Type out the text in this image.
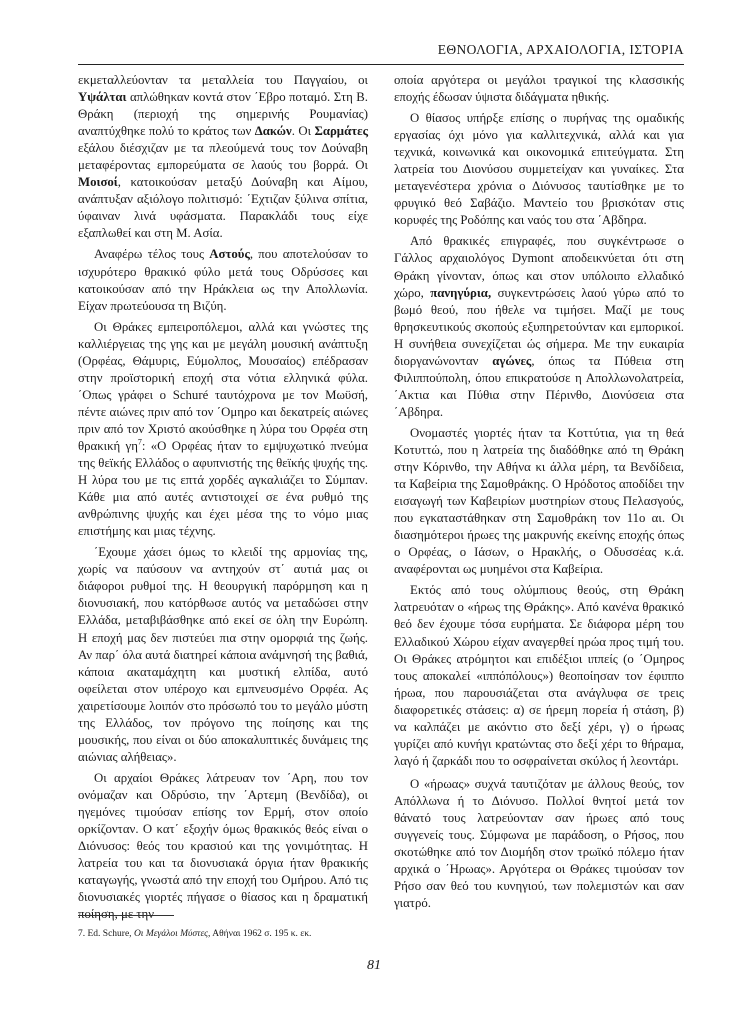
ΕΘΝΟΛΟΓΙΑ, ΑΡΧΑΙΟΛΟΓΙΑ, ΙΣΤΟΡΙΑ

εκμεταλλεύονταν τα μεταλλεία του Παγγαίου, οι Υψάλται απλώθηκαν κοντά στον ΄Εβρο ποταμό. Στη Β. Θράκη (περιοχή της σημερινής Ρουμανίας) αναπτύχθηκε πολύ το κράτος των Δακών. Οι Σαρμάτες εξάλου διέσχιζαν με τα πλεούμενά τους τον Δούναβη μεταφέροντας εμπορεύματα σε λαούς του βορρά. Οι Μοισοί, κατοικούσαν μεταξύ Δούναβη και Αίμου, ανάπτυξαν αξιόλογο πολιτισμό: ΄Εχτιζαν ξύλινα σπίτια, ύφαιναν λινά υφάσματα. Παρακλάδι τους είχε εξαπλωθεί και στη Μ. Ασία.

Αναφέρω τέλος τους Αστούς, που αποτελούσαν το ισχυρότερο θρακικό φύλο μετά τους Οδρύσσες και κατοικούσαν από την Ηράκλεια ως την Απολλωνία. Είχαν πρωτεύουσα τη Βιζύη.

Οι Θράκες εμπειροπόλεμοι, αλλά και γνώστες της καλλιέργειας της γης και με μεγάλη μουσική ανάπτυξη (Ορφέας, Θάμυρις, Εύμολπος, Μουσαίος) επέδρασαν στην προϊστορική εποχή στα νότια ελληνικά φύλα. ΄Οπως γράφει ο Schuré ταυτόχρονα με τον Μωϋσή, πέντε αιώνες πριν από τον ΄Ομηρο και δεκατρείς αιώνες πριν από τον Χριστό ακούσθηκε η λύρα του Ορφέα στη θρακική $\gamma\eta^7$: «Ο Ορφέας ήταν το εμψυχωτικό πνεύμα της θεϊκής Ελλάδος ο αφυπνιστής της θεϊκής ψυχής της. Η λύρα του με τις επτά χορδές αγκαλιάζει το Σύμπαν. Κάθε μια από αυτές αντιστοιχεί σε ένα ρυθμό της ανθρώπινης ψυχής και έχει μέσα της το νόμο μιας επιστήμης και μιας τέχνης.

΄Εχουμε χάσει όμως το κλειδί της αρμονίας της, χωρίς να παύσουν να αντηχούν στ΄ αυτιά μας οι διάφοροι ρυθμοί της. Η θεουργική παρόρμηση και η διονυσιακή, που κατόρθωσε αυτός να μεταδώσει στην Ελλάδα, μεταβιβάσθηκε από εκεί σε όλη την Ευρώπη. Η εποχή μας δεν πιστεύει πια στην ομορφιά της ζωής. Αν παρ΄ όλα αυτά διατηρεί κάποια ανάμνησή της βαθιά, κάποια ακαταμάχητη και μυστική ελπίδα, αυτό οφείλεται στον υπέροχο και εμπνευσμένο Ορφέα. Ας χαιρετίσουμε λοιπόν στο πρόσωπό του το μεγάλο μύστη της Ελλάδος, τον πρόγονο της ποίησης και της μουσικής, που είναι οι δύο αποκαλυπτικές δυνάμεις της αιώνιας αλήθειας».

Οι αρχαίοι Θράκες λάτρευαν τον ΄Αρη, που τον ονόμαζαν και Οδρύσιο, την ΄Αρτεμη (Βενδίδα), οι ηγεμόνες τιμούσαν επίσης τον Ερμή, στον οποίο ορκίζονταν. Ο κατ΄ εξοχήν όμως θρακικός θεός είναι ο Διόνυσος: θεός του κρασιού και της γονιμότητας. Η λατρεία του και τα διονυσιακά όργια ήταν θρακικής καταγωγής, γνωστά από την εποχή του Ομήρου. Από τις διονυσιακές γιορτές πήγασε ο θίασος και η δραματική ποίηση, με την

οποία αργότερα οι μεγάλοι τραγικοί της κλασσικής εποχής έδωσαν ύψιστα διδάγματα ηθικής.

Ο θίασος υπήρξε επίσης ο πυρήνας της ομαδικής εργασίας όχι μόνο για καλλιτεχνικά, αλλά και για τεχνικά, κοινωνικά και οικονομικά επιτεύγματα. Στη λατρεία του Διονύσου συμμετείχαν και γυναίκες. Στα μεταγενέστερα χρόνια ο Διόνυσος ταυτίσθηκε με το φρυγικό θεό Σαβάζιο. Μαντείο του βρισκόταν στις κορυφές της Ροδόπης και ναός του στα ΄Αβδηρα.

Από θρακικές επιγραφές, που συγκέντρωσε ο Γάλλος αρχαιολόγος Dymont αποδεικνύεται ότι στη Θράκη γίνονταν, όπως και στον υπόλοιπο ελλαδικό χώρο, πανηγύρια, συγκεντρώσεις λαού γύρω από το βωμό θεού, που ήθελε να τιμήσει. Μαζί με τους θρησκευτικούς σκοπούς εξυπηρετούνταν και εμπορικοί. Η συνήθεια συνεχίζεται ώς σήμερα. Με την ευκαιρία διοργανώνονταν αγώνες, όπως τα Πύθεια στη Φιλιππούπολη, όπου επικρατούσε η Απολλωνολατρεία, ΄Ακτια και Πύθια στην Πέρινθο, Διονύσεια στα ΄Αβδηρα.

Ονομαστές γιορτές ήταν τα Κοττύτια, για τη θεά Κοτυττώ, που η λατρεία της διαδόθηκε από τη Θράκη στην Κόρινθο, την Αθήνα κι άλλα μέρη, τα Βενδίδεια, τα Καβείρια της Σαμοθράκης. Ο Ηρόδοτος αποδίδει την εισαγωγή των Καβειρίων μυστηρίων στους Πελασγούς, που εγκαταστάθηκαν στη Σαμοθράκη τον 11ο αι. Οι διασημότεροι ήρωες της μακρυνής εκείνης εποχής όπως ο Ορφέας, ο Ιάσων, ο Ηρακλής, ο Οδυσσέας κ.ά. αναφέρονται ως μυημένοι στα Καβείρια.

Εκτός από τους ολύμπιους θεούς, στη Θράκη λατρευόταν ο «ήρως της Θράκης». Από κανένα θρακικό θεό δεν έχουμε τόσα ευρήματα. Σε διάφορα μέρη του Ελλαδικού Χώρου είχαν αναγερθεί ηρώα προς τιμή του. Οι Θράκες ατρόμητοι και επιδέξιοι ιππείς (ο ΄Ομηρος τους αποκαλεί «ιππόπόλους») θεοποίησαν τον έφιππο ήρωα, που παρουσιάζεται στα ανάγλυφα σε τρεις διαφορετικές στάσεις: α) σε ήρεμη πορεία ή στάση, β) να καλπάζει με ακόντιο στο δεξί χέρι, γ) ο ήρωας γυρίζει από κυνήγι κρατώντας στο δεξί χέρι το θήραμα, λαγό ή ζαρκάδι που το οσφραίνεται σκύλος ή λεοντάρι.

Ο «ήρωας» συχνά ταυτιζόταν με άλλους θεούς, τον Απόλλωνα ή το Διόνυσο. Πολλοί θνητοί μετά τον θάνατό τους λατρεύονταν σαν ήρωες από τους συγγενείς τους. Σύμφωνα με παράδοση, ο Ρήσος, που σκοτώθηκε από τον Διομήδη στον τρωϊκό πόλεμο ήταν αρχικά ο ΄Ηρωας». Αργότερα οι Θράκες τιμούσαν τον Ρήσο σαν θεό του κυνηγιού, των πολεμιστών και σαν γιατρό.

7. Ed. Schure, Οι Μεγάλοι Μύστες, Αθήναι 1962 σ. 195 κ. εκ.
81
